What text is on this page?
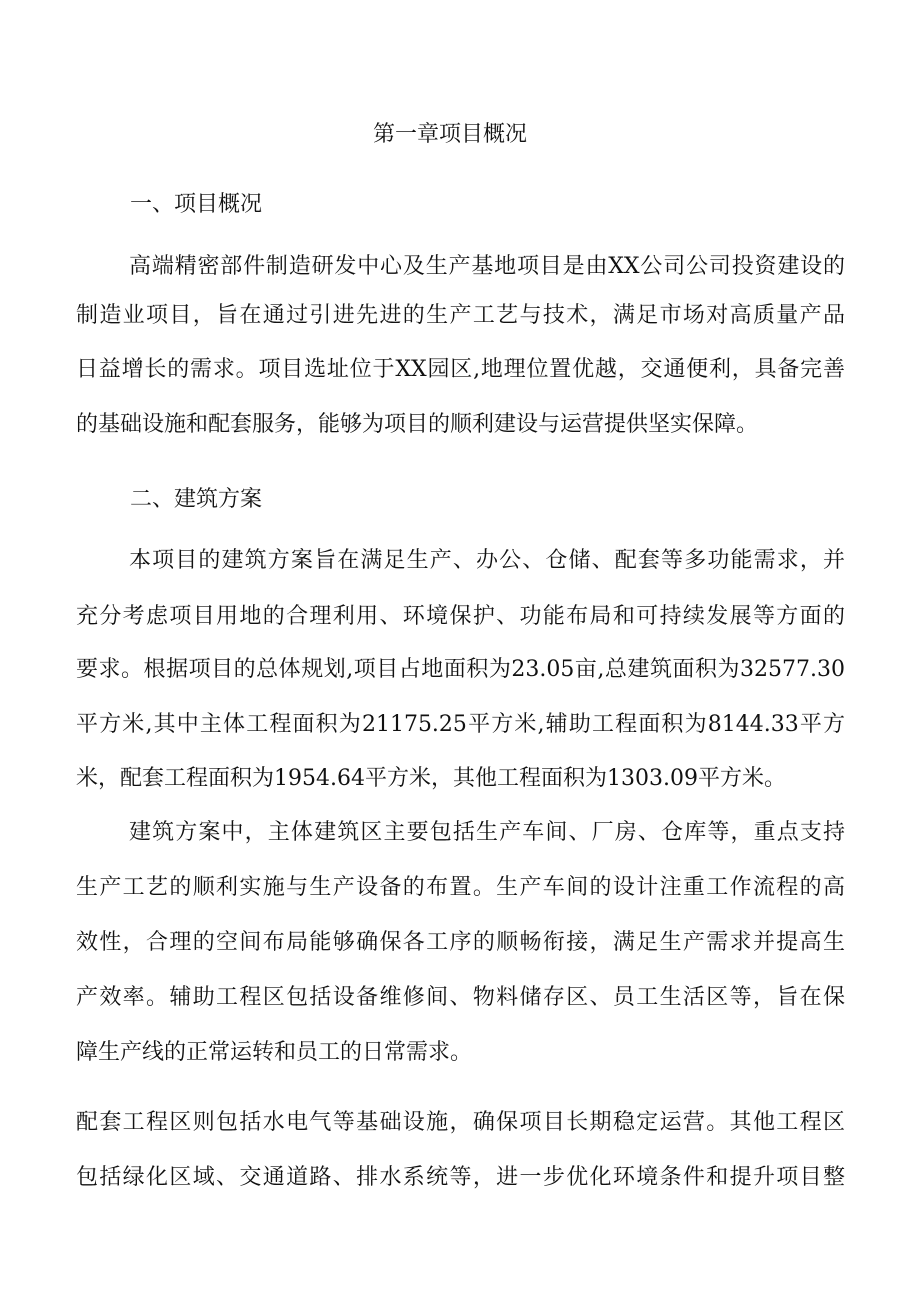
第一章项目概况
一、项目概况
高端精密部件制造研发中心及生产基地项目是由XX公司公司投资建设的
制造业项目，旨在通过引进先进的生产工艺与技术，满足市场对高质量产品
日益增长的需求。项目选址位于XX园区,地理位置优越，交通便利，具备完善
的基础设施和配套服务，能够为项目的顺利建设与运营提供坚实保障。
二、建筑方案
本项目的建筑方案旨在满足生产、办公、仓储、配套等多功能需求，并
充分考虑项目用地的合理利用、环境保护、功能布局和可持续发展等方面的
要求。根据项目的总体规划,项目占地面积为23.05亩,总建筑面积为32577.30
平方米,其中主体工程面积为21175.25平方米,辅助工程面积为8144.33平方
米，配套工程面积为1954.64平方米，其他工程面积为1303.09平方米。
建筑方案中，主体建筑区主要包括生产车间、厂房、仓库等，重点支持
生产工艺的顺利实施与生产设备的布置。生产车间的设计注重工作流程的高
效性，合理的空间布局能够确保各工序的顺畅衔接，满足生产需求并提高生
产效率。辅助工程区包括设备维修间、物料储存区、员工生活区等，旨在保
障生产线的正常运转和员工的日常需求。
配套工程区则包括水电气等基础设施，确保项目长期稳定运营。其他工程区
包括绿化区域、交通道路、排水系统等，进一步优化环境条件和提升项目整
